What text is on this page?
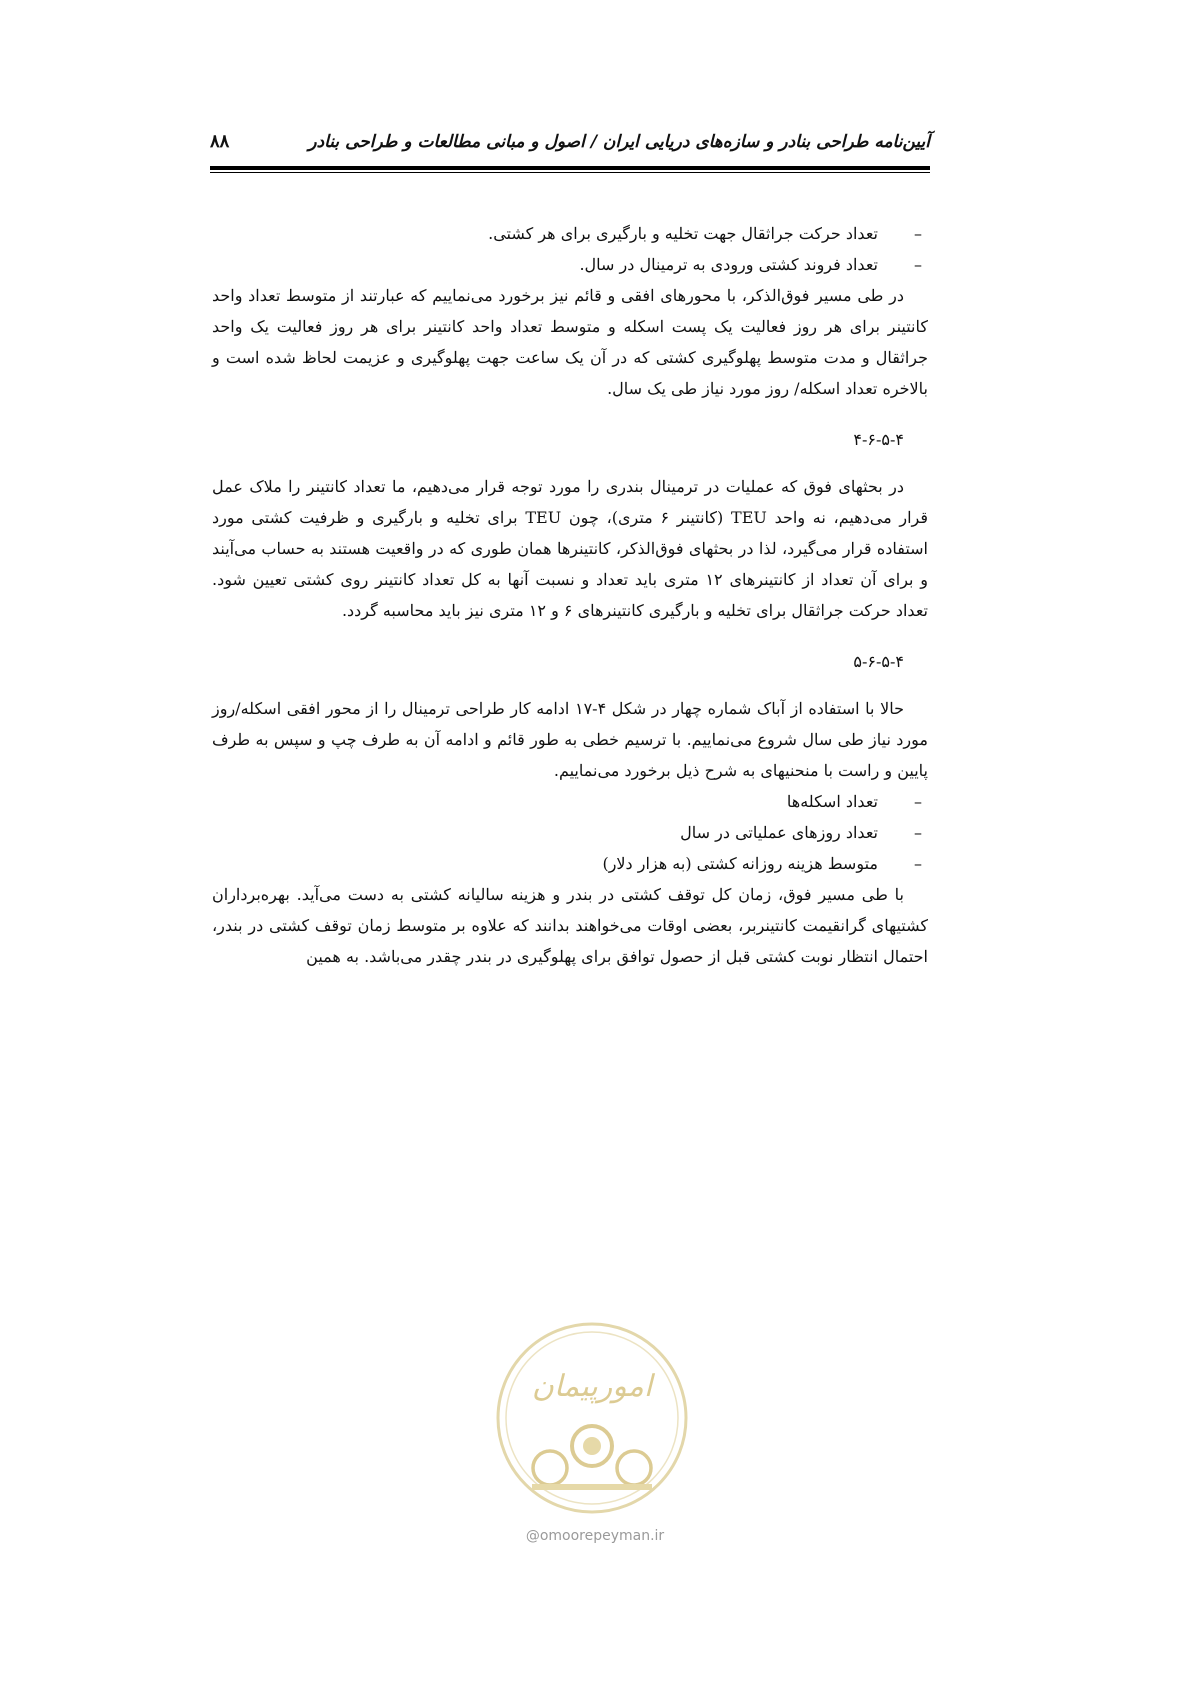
آیین‌نامه طراحی بنادر و سازه‌های دریایی ایران / اصول و مبانی مطالعات و طراحی بنادر
۸۸

– تعداد حرکت جراثقال جهت تخلیه و بارگیری برای هر کشتی.

– تعداد فروند کشتی ورودی به ترمینال در سال.

در طی مسیر فوق‌الذکر، با محورهای افقی و قائم نیز برخورد می‌نماییم که عبارتند از متوسط تعداد واحد کانتینر برای هر روز فعالیت یک پست اسکله و متوسط تعداد واحد کانتینر برای هر روز فعالیت یک واحد جراثقال و مدت متوسط پهلوگیری کشتی که در آن یک ساعت جهت پهلوگیری و عزیمت لحاظ شده است و بالاخره تعداد اسکله/ روز مورد نیاز طی یک سال.

۴-۶-۵-۴

در بحثهای فوق که عملیات در ترمینال بندری را مورد توجه قرار می‌دهیم، ما تعداد کانتینر را ملاک عمل قرار می‌دهیم، نه واحد TEU (کانتینر ۶ متری)، چون TEU برای تخلیه و بارگیری و ظرفیت کشتی مورد استفاده قرار می‌گیرد، لذا در بحثهای فوق‌الذکر، کانتینرها همان طوری که در واقعیت هستند به حساب می‌آیند و برای آن تعداد از کانتینرهای ۱۲ متری باید تعداد و نسبت آنها به کل تعداد کانتینر روی کشتی تعیین شود. تعداد حرکت جراثقال برای تخلیه و بارگیری کانتینرهای ۶ و ۱۲ متری نیز باید محاسبه گردد.

۵-۶-۵-۴

حالا با استفاده از آباک شماره چهار در شکل ۴-۱۷ ادامه کار طراحی ترمینال را از محور افقی اسکله/روز مورد نیاز طی سال شروع می‌نماییم. با ترسیم خطی به طور قائم و ادامه آن به طرف چپ و سپس به طرف پایین و راست با منحنیهای به شرح ذیل برخورد می‌نماییم.

– تعداد اسکله‌ها

– تعداد روزهای عملیاتی در سال

– متوسط هزینه روزانه کشتی (به هزار دلار)

با طی مسیر فوق، زمان کل توقف کشتی در بندر و هزینه سالیانه کشتی به دست می‌آید. بهره‌برداران کشتیهای گرانقیمت کانتینربر، بعضی اوقات می‌خواهند بدانند که علاوه بر متوسط زمان توقف کشتی در بندر، احتمال انتظار نوبت کشتی قبل از حصول توافق برای پهلوگیری در بندر چقدر می‌باشد. به همین

امورپیمان
@omoorepeyman.ir
